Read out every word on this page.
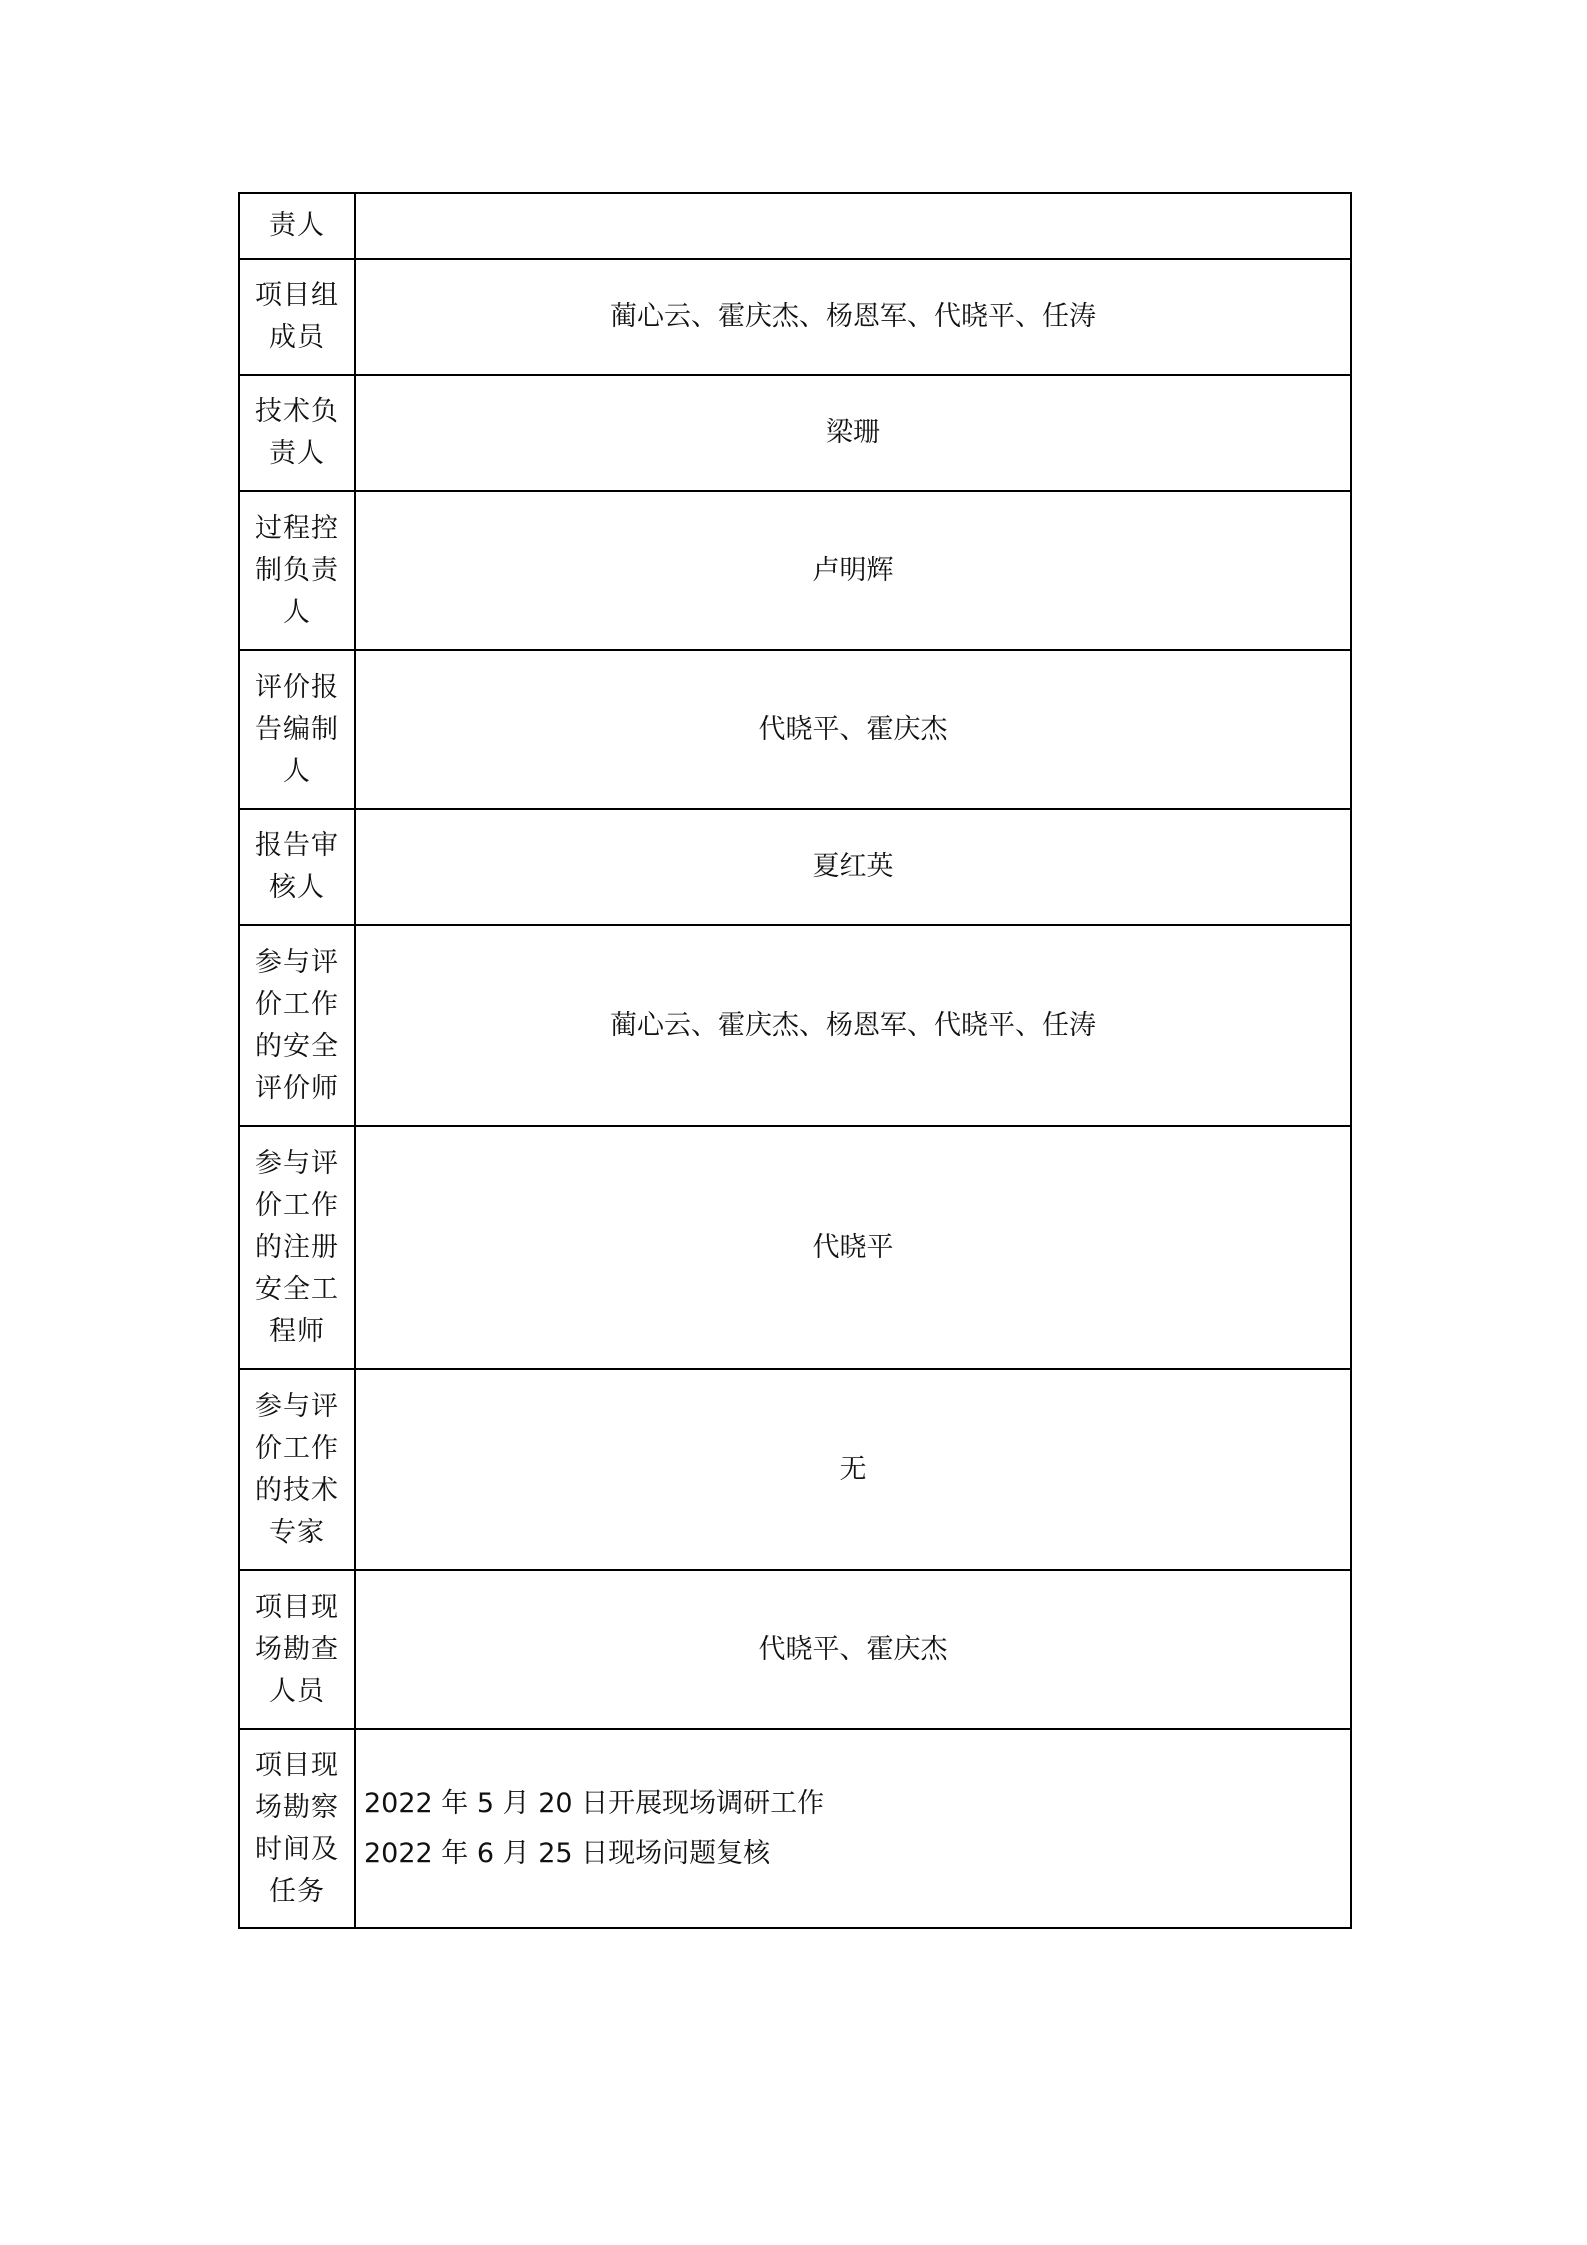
责人	
项目组成员	蔺心云、霍庆杰、杨恩军、代晓平、任涛
技术负责人	梁珊
过程控制负责人	卢明辉
评价报告编制人	代晓平、霍庆杰
报告审核人	夏红英
参与评价工作的安全评价师	蔺心云、霍庆杰、杨恩军、代晓平、任涛
参与评价工作的注册安全工程师	代晓平
参与评价工作的技术专家	无
项目现场勘查人员	代晓平、霍庆杰
项目现场勘察时间及任务	2022 年 5 月 20 日开展现场调研工作
2022 年 6 月 25 日现场问题复核
